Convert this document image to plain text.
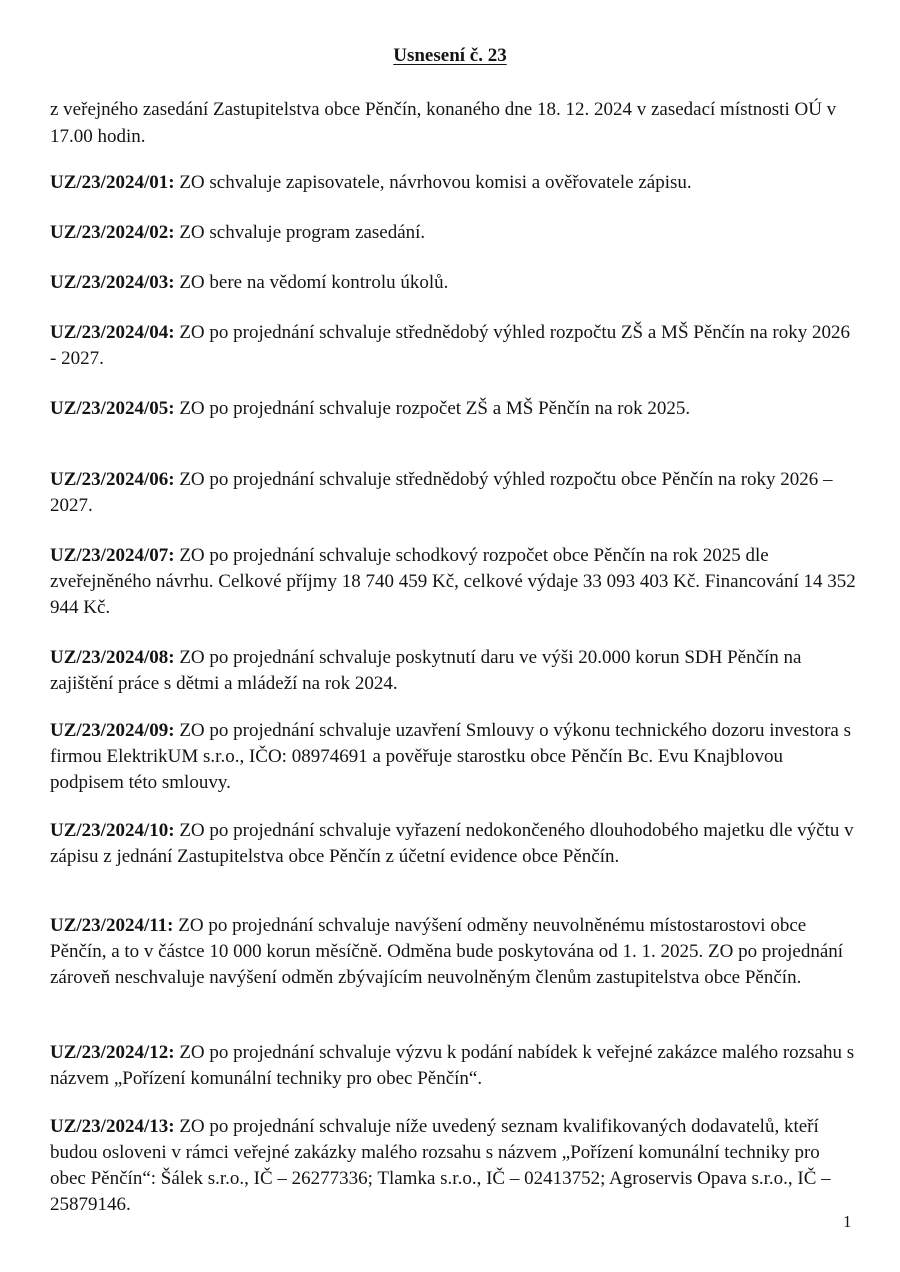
Usnesení č. 23
z veřejného zasedání Zastupitelstva obce Pěnčín, konaného dne 18. 12. 2024 v zasedací místnosti OÚ v 17.00 hodin.
UZ/23/2024/01: ZO schvaluje zapisovatele, návrhovou komisi a ověřovatele zápisu.
UZ/23/2024/02: ZO schvaluje program zasedání.
UZ/23/2024/03: ZO bere na vědomí kontrolu úkolů.
UZ/23/2024/04: ZO po projednání schvaluje střednědobý výhled rozpočtu ZŠ a MŠ Pěnčín na roky 2026 - 2027.
UZ/23/2024/05: ZO po projednání schvaluje rozpočet ZŠ a MŠ Pěnčín na rok 2025.
UZ/23/2024/06: ZO po projednání schvaluje střednědobý výhled rozpočtu obce Pěnčín na roky 2026 – 2027.
UZ/23/2024/07: ZO po projednání schvaluje schodkový rozpočet obce Pěnčín na rok 2025 dle zveřejněného návrhu. Celkové příjmy 18 740 459 Kč, celkové výdaje 33 093 403 Kč. Financování 14 352 944 Kč.
UZ/23/2024/08: ZO po projednání schvaluje poskytnutí daru ve výši 20.000 korun SDH Pěnčín na zajištění práce s dětmi a mládeží na rok 2024.
UZ/23/2024/09: ZO po projednání schvaluje uzavření Smlouvy o výkonu technického dozoru investora s firmou ElektrikUM s.r.o., IČO: 08974691 a pověřuje starostku obce Pěnčín Bc. Evu Knajblovou podpisem této smlouvy.
UZ/23/2024/10: ZO po projednání schvaluje vyřazení nedokončeného dlouhodobého majetku dle výčtu v zápisu z jednání Zastupitelstva obce Pěnčín z účetní evidence obce Pěnčín.
UZ/23/2024/11: ZO po projednání schvaluje navýšení odměny neuvolněnému místostarostovi obce Pěnčín, a to v částce 10 000 korun měsíčně. Odměna bude poskytována od 1. 1. 2025. ZO po projednání zároveň neschvaluje navýšení odměn zbývajícím neuvolněným členům zastupitelstva obce Pěnčín.
UZ/23/2024/12: ZO po projednání schvaluje výzvu k podání nabídek k veřejné zakázce malého rozsahu s názvem „Pořízení komunální techniky pro obec Pěnčín“.
UZ/23/2024/13: ZO po projednání schvaluje níže uvedený seznam kvalifikovaných dodavatelů, kteří budou osloveni v rámci veřejné zakázky malého rozsahu s názvem „Pořízení komunální techniky pro obec Pěnčín“: Šálek s.r.o., IČ – 26277336; Tlamka s.r.o., IČ – 02413752; Agroservis Opava s.r.o., IČ – 25879146.
1
